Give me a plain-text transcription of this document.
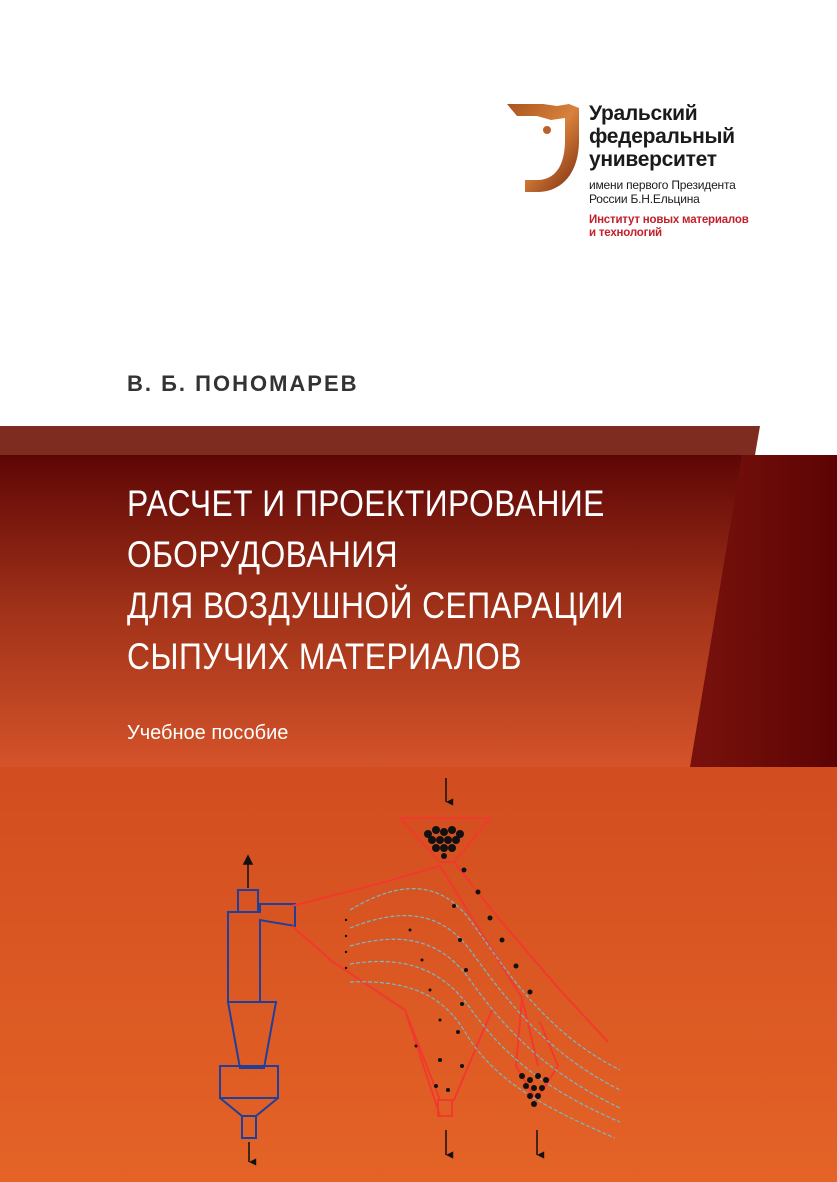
Уральский
федеральный
университет
имени первого Президента
России Б.Н.Ельцина
Институт новых материалов
и технологий
В. Б. ПОНОМАРЕВ
РАСЧЕТ И ПРОЕКТИРОВАНИЕ
ОБОРУДОВАНИЯ
ДЛЯ ВОЗДУШНОЙ СЕПАРАЦИИ
СЫПУЧИХ МАТЕРИАЛОВ
Учебное пособие
